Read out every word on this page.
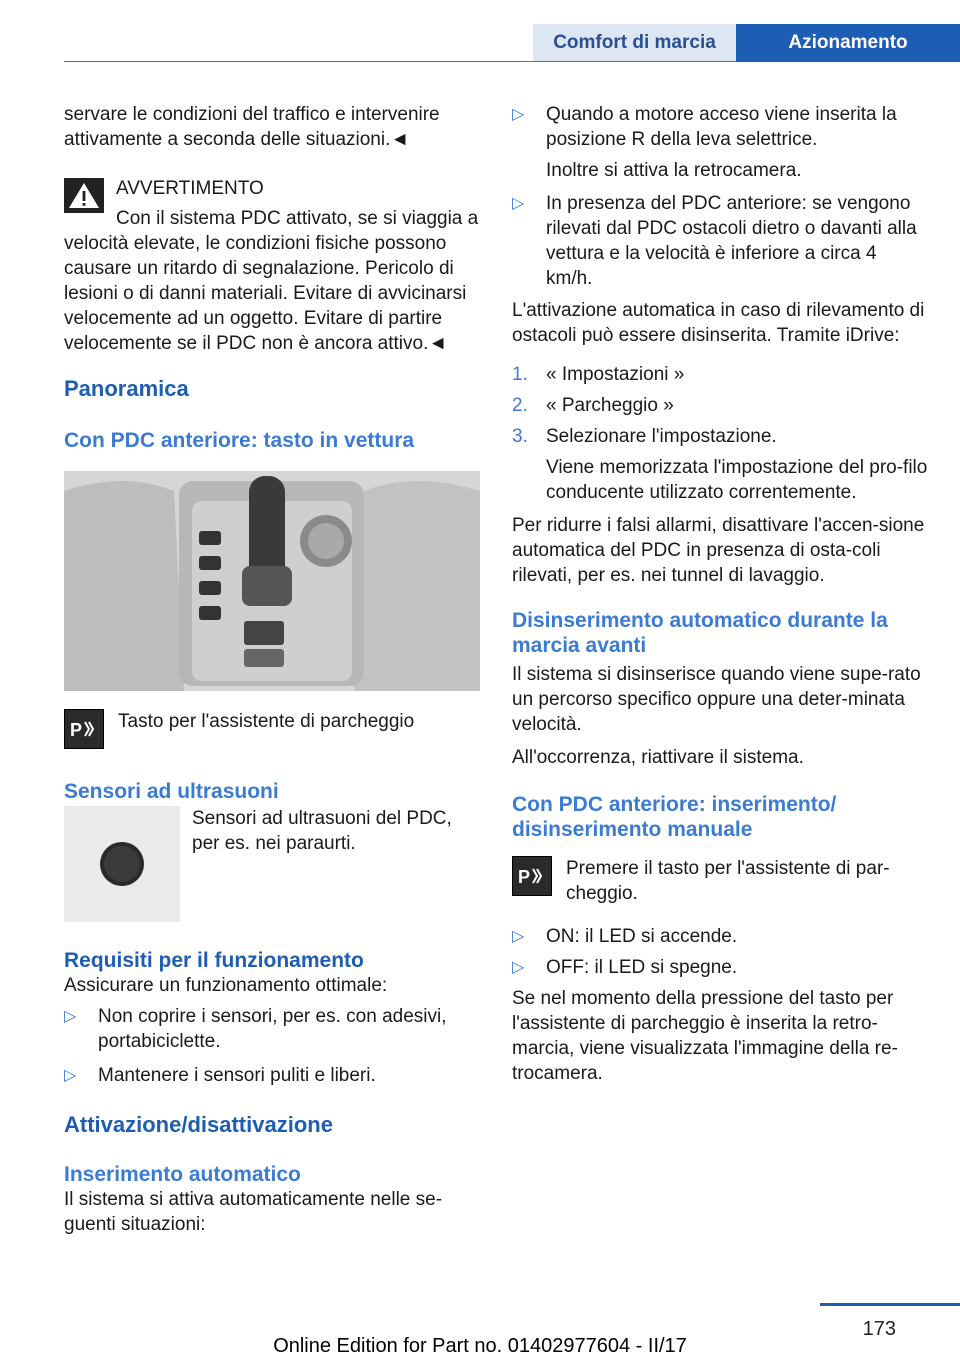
Comfort di marcia	Azionamento

servare le condizioni del traffico e intervenire attivamente a seconda delle situazioni.◄

AVVERTIMENTO

Con il sistema PDC attivato, se si viaggia a velocità elevate, le condizioni fisiche possono causare un ritardo di segnalazione. Pericolo di lesioni o di danni materiali. Evitare di avvicinarsi velocemente ad un oggetto. Evitare di partire velocemente se il PDC non è ancora attivo.◄

Panoramica

Con PDC anteriore: tasto in vettura

P Tasto per l'assistente di parcheggio

Sensori ad ultrasuoni

Sensori ad ultrasuoni del PDC, per es. nei paraurti.

Requisiti per il funzionamento

Assicurare un funzionamento ottimale:

▷	Non coprire i sensori, per es. con adesivi, portabiciclette.
▷	Mantenere i sensori puliti e liberi.

Attivazione/disattivazione

Inserimento automatico

Il sistema si attiva automaticamente nelle se-guenti situazioni:

▷	Quando a motore acceso viene inserita la posizione R della leva selettrice.

Inoltre si attiva la retrocamera.

▷	In presenza del PDC anteriore: se vengono rilevati dal PDC ostacoli dietro o davanti alla vettura e la velocità è inferiore a circa 4 km/h.

L'attivazione automatica in caso di rilevamento di ostacoli può essere disinserita. Tramite iDrive:

1. « Impostazioni »
2. « Parcheggio »
3. Selezionare l'impostazione.

Viene memorizzata l'impostazione del pro-filo conducente utilizzato correntemente.

Per ridurre i falsi allarmi, disattivare l'accen-sione automatica del PDC in presenza di osta-coli rilevati, per es. nei tunnel di lavaggio.

Disinserimento automatico durante la marcia avanti

Il sistema si disinserisce quando viene supe-rato un percorso specifico oppure una deter-minata velocità.

All'occorrenza, riattivare il sistema.

Con PDC anteriore: inserimento/ disinserimento manuale

P Premere il tasto per l'assistente di par-cheggio.

▷	ON: il LED si accende.
▷	OFF: il LED si spegne.

Se nel momento della pressione del tasto per l'assistente di parcheggio è inserita la retro-marcia, viene visualizzata l'immagine della re-trocamera.

173
Online Edition for Part no. 01402977604 - II/17
